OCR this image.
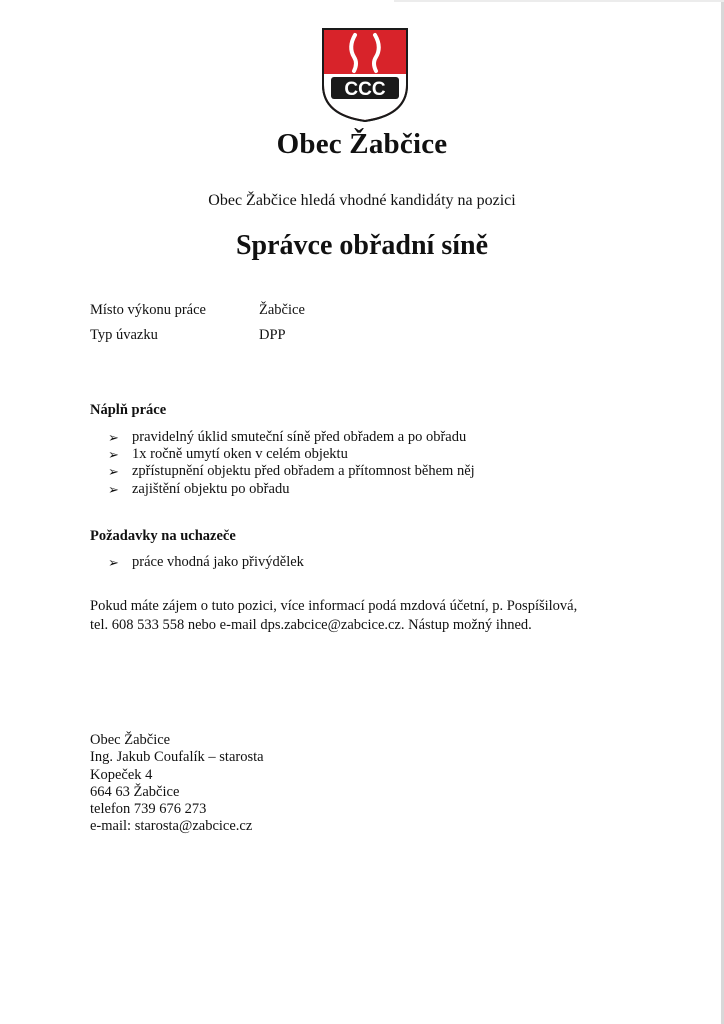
CCC
Obec Žabčice
Obec Žabčice hledá vhodné kandidáty na pozici
Správce obřadní síně
Místo výkonu práce	Žabčice
Typ úvazku	DPP
Náplň práce
➢ pravidelný úklid smuteční síně před obřadem a po obřadu
➢ 1x ročně umytí oken v celém objektu
➢ zpřístupnění objektu před obřadem a přítomnost během něj
➢ zajištění objektu po obřadu
Požadavky na uchazeče
➢ práce vhodná jako přivýdělek
Pokud máte zájem o tuto pozici, více informací podá mzdová účetní, p. Pospíšilová,
tel. 608 533 558 nebo e-mail dps.zabcice@zabcice.cz. Nástup možný ihned.
Obec Žabčice
Ing. Jakub Coufalík – starosta
Kopeček 4
664 63 Žabčice
telefon 739 676 273
e-mail: starosta@zabcice.cz
